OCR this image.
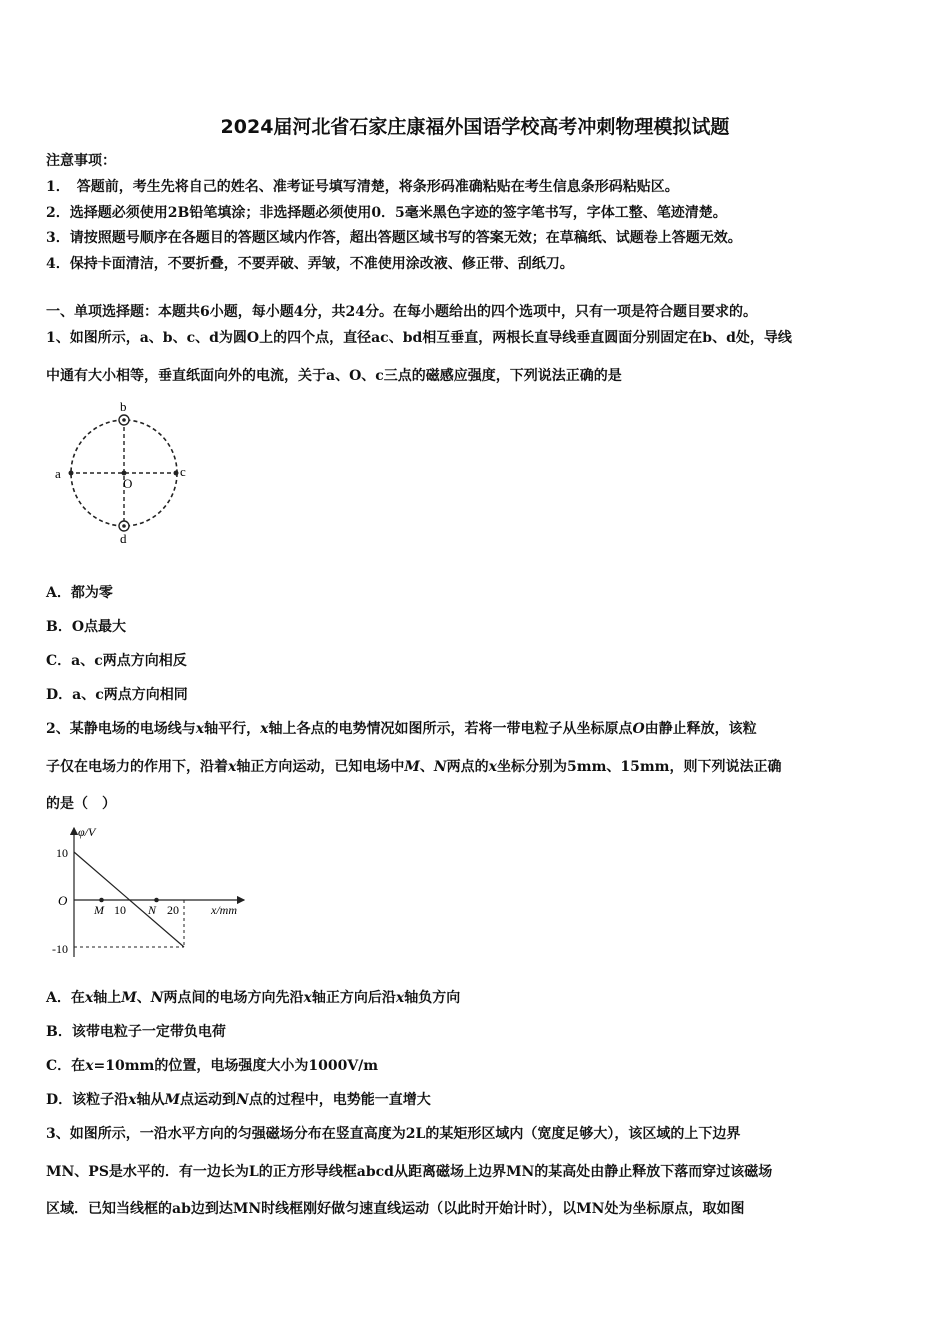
2024届河北省石家庄康福外国语学校高考冲刺物理模拟试题
注意事项：
1．　答题前，考生先将自己的姓名、准考证号填写清楚，将条形码准确粘贴在考生信息条形码粘贴区。
2．选择题必须使用2B铅笔填涂；非选择题必须使用0．5毫米黑色字迹的签字笔书写，字体工整、笔迹清楚。
3．请按照题号顺序在各题目的答题区域内作答，超出答题区域书写的答案无效；在草稿纸、试题卷上答题无效。
4．保持卡面清洁，不要折叠，不要弄破、弄皱，不准使用涂改液、修正带、刮纸刀。
一、单项选择题：本题共6小题，每小题4分，共24分。在每小题给出的四个选项中，只有一项是符合题目要求的。
1、如图所示，a、b、c、d为圆O上的四个点，直径ac、bd相互垂直，两根长直导线垂直圆面分别固定在b、d处，导线
中通有大小相等，垂直纸面向外的电流，关于a、O、c三点的磁感应强度，下列说法正确的是
a
b
c
d
O
A．都为零
B．O点最大
C．a、c两点方向相反
D．a、c两点方向相同
2、某静电场的电场线与x轴平行，x轴上各点的电势情况如图所示，若将一带电粒子从坐标原点O由静止释放，该粒
子仅在电场力的作用下，沿着x轴正方向运动，已知电场中M、N两点的x坐标分别为5mm、15mm，则下列说法正确
的是（　）
φ/V
x/mm
10
-10
O
M 10 N 20
A．在x轴上M、N两点间的电场方向先沿x轴正方向后沿x轴负方向
B．该带电粒子一定带负电荷
C．在x=10mm的位置，电场强度大小为1000V/m
D．该粒子沿x轴从M点运动到N点的过程中，电势能一直增大
3、如图所示，一沿水平方向的匀强磁场分布在竖直高度为2L的某矩形区域内（宽度足够大），该区域的上下边界
MN、PS是水平的．有一边长为L的正方形导线框abcd从距离磁场上边界MN的某高处由静止释放下落而穿过该磁场
区域．已知当线框的ab边到达MN时线框刚好做匀速直线运动（以此时开始计时），以MN处为坐标原点，取如图
